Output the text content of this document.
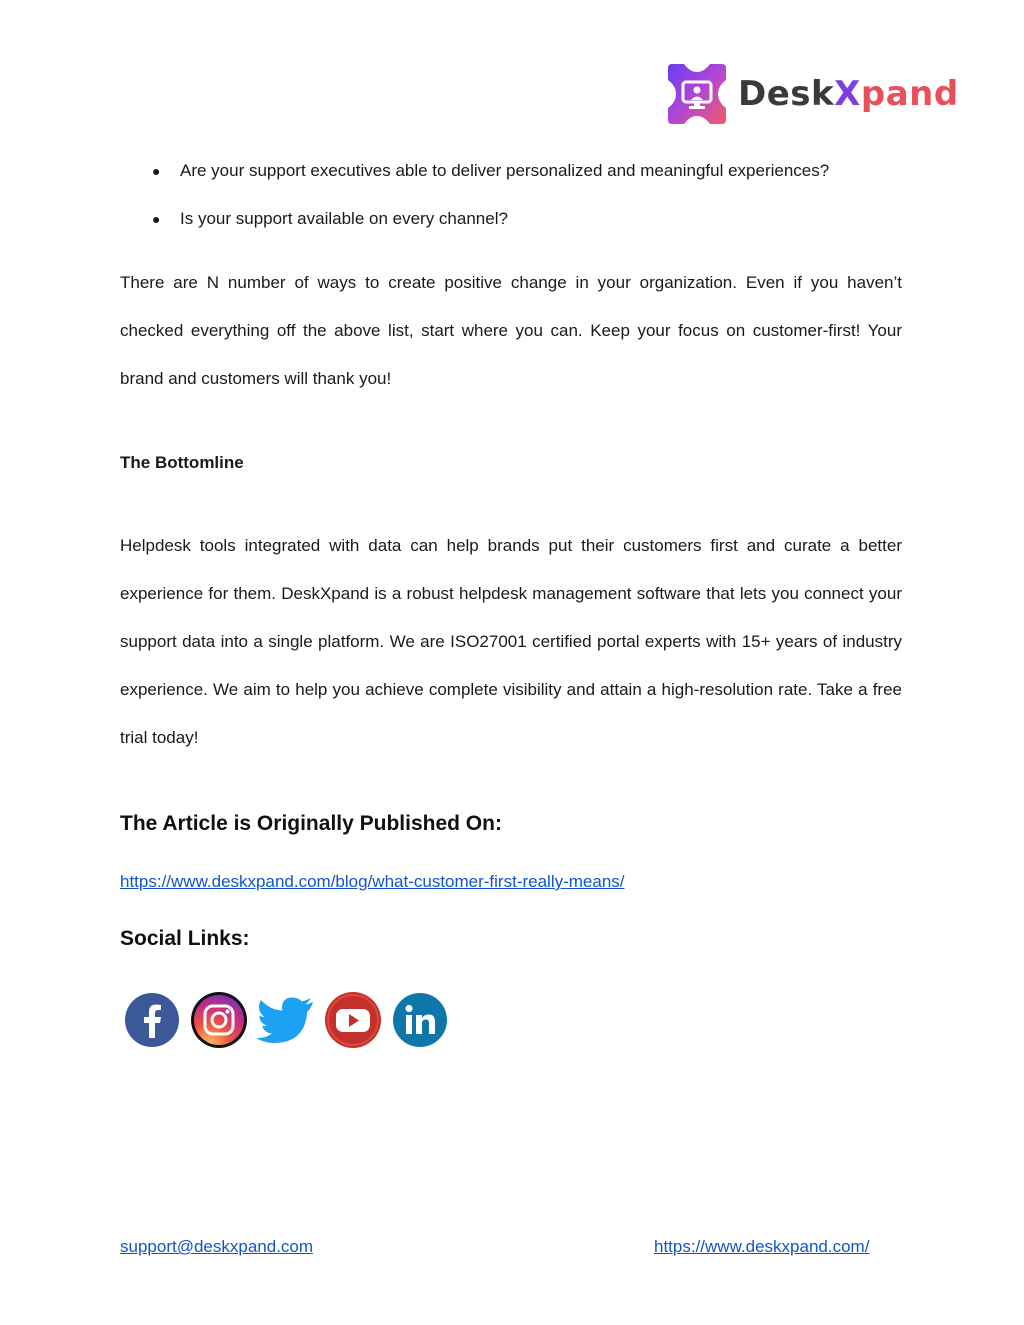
DeskXpand
● Are your support executives able to deliver personalized and meaningful experiences?
● Is your support available on every channel?

There are N number of ways to create positive change in your organization. Even if you haven’t checked everything off the above list, start where you can. Keep your focus on customer-first! Your brand and customers will thank you!

The Bottomline

Helpdesk tools integrated with data can help brands put their customers first and curate a better experience for them. DeskXpand is a robust helpdesk management software that lets you connect your support data into a single platform. We are ISO27001 certified portal experts with 15+ years of industry experience. We aim to help you achieve complete visibility and attain a high-resolution rate. Take a free trial today!

The Article is Originally Published On:
https://www.deskxpand.com/blog/what-customer-first-really-means/
Social Links:
support@deskxpand.com	https://www.deskxpand.com/
